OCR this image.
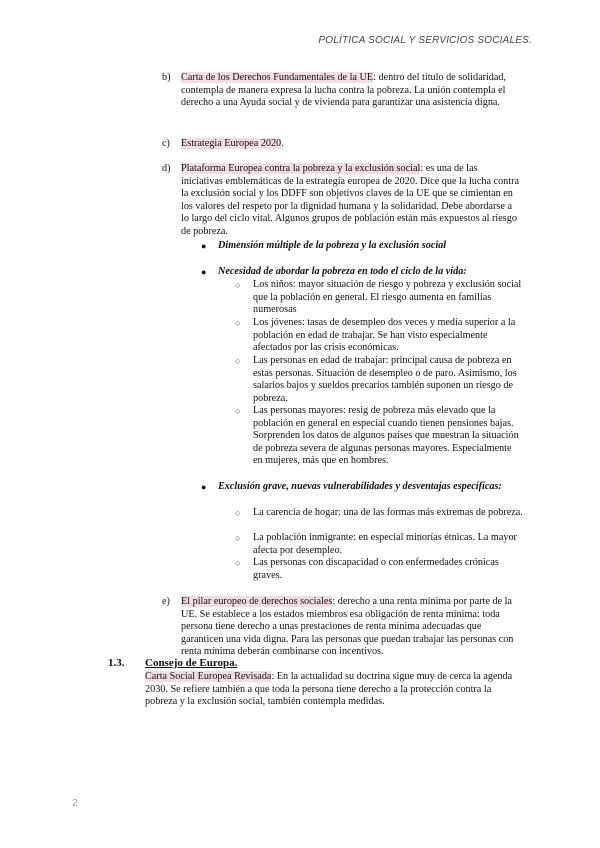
POLÍTICA SOCIAL Y SERVICIOS SOCIALES.
b) Carta de los Derechos Fundamentales de la UE: dentro del título de solidaridad, contempla de manera expresa la lucha contra la pobreza. La unión contempla el derecho a una Ayuda social y de vivienda para garantizar una asistencia digna.
c) Estrategia Europea 2020.
d) Plataforma Europea contra la pobreza y la exclusión social: es una de las iniciativas emblemáticas de la estrategia europea de 2020. Dice que la lucha contra la exclusión social y los DDFF son objetivos claves de la UE que se cimientan en los valores del respeto por la dignidad humana y la solidaridad. Debe abordarse a lo largo del ciclo vital. Algunos grupos de población están más expuestos al riesgo de pobreza.
● Dimensión múltiple de la pobreza y la exclusión social
● Necesidad de abordar la pobreza en todo el ciclo de la vida:
○ Los niños: mayor situación de riesgo y pobreza y exclusión social que la población en general. El riesgo aumenta en familias numerosas
○ Los jóvenes: tasas de desempleo dos veces y media superior a la población en edad de trabajar. Se han visto especialmente afectados por las crisis económicas.
○ Las personas en edad de trabajar: principal causa de pobreza en estas personas. Situación de desempleo o de paro. Asimismo, los salarios bajos y sueldos precarios también suponen un riesgo de pobreza.
○ Las personas mayores: resig de pobreza más elevado que la población en general en especial cuando tienen pensiones bajas. Sorprenden los datos de algunos países que muestran la situación de pobreza severa de algunas personas mayores. Especialmente en mujeres, más que en hombres.
● Exclusión grave, nuevas vulnerabilidades y desventajas específicas:
○ La carencia de hogar: una de las formas más extremas de pobreza.
○ La población inmigrante: en especial minorías étnicas. La mayor afecta por desempleo.
○ Las personas con discapacidad o con enfermedades crónicas graves.
e) El pilar europeo de derechos sociales: derecho a una renta mínima por parte de la UE. Se establece a los estados miembros esa obligación de renta mínima: toda persona tiene derecho a unas prestaciones de renta mínima adecuadas que garanticen una vida digna. Para las personas que puedan trabajar las personas con renta mínima deberán combinarse con incentivos.
1.3. Consejo de Europa.
Carta Social Europea Revisada: En la actualidad su doctrina sigue muy de cerca la agenda 2030. Se refiere también a que toda la persona tiene derecho a la protección contra la pobreza y la exclusión social, también contempla medidas.
2
